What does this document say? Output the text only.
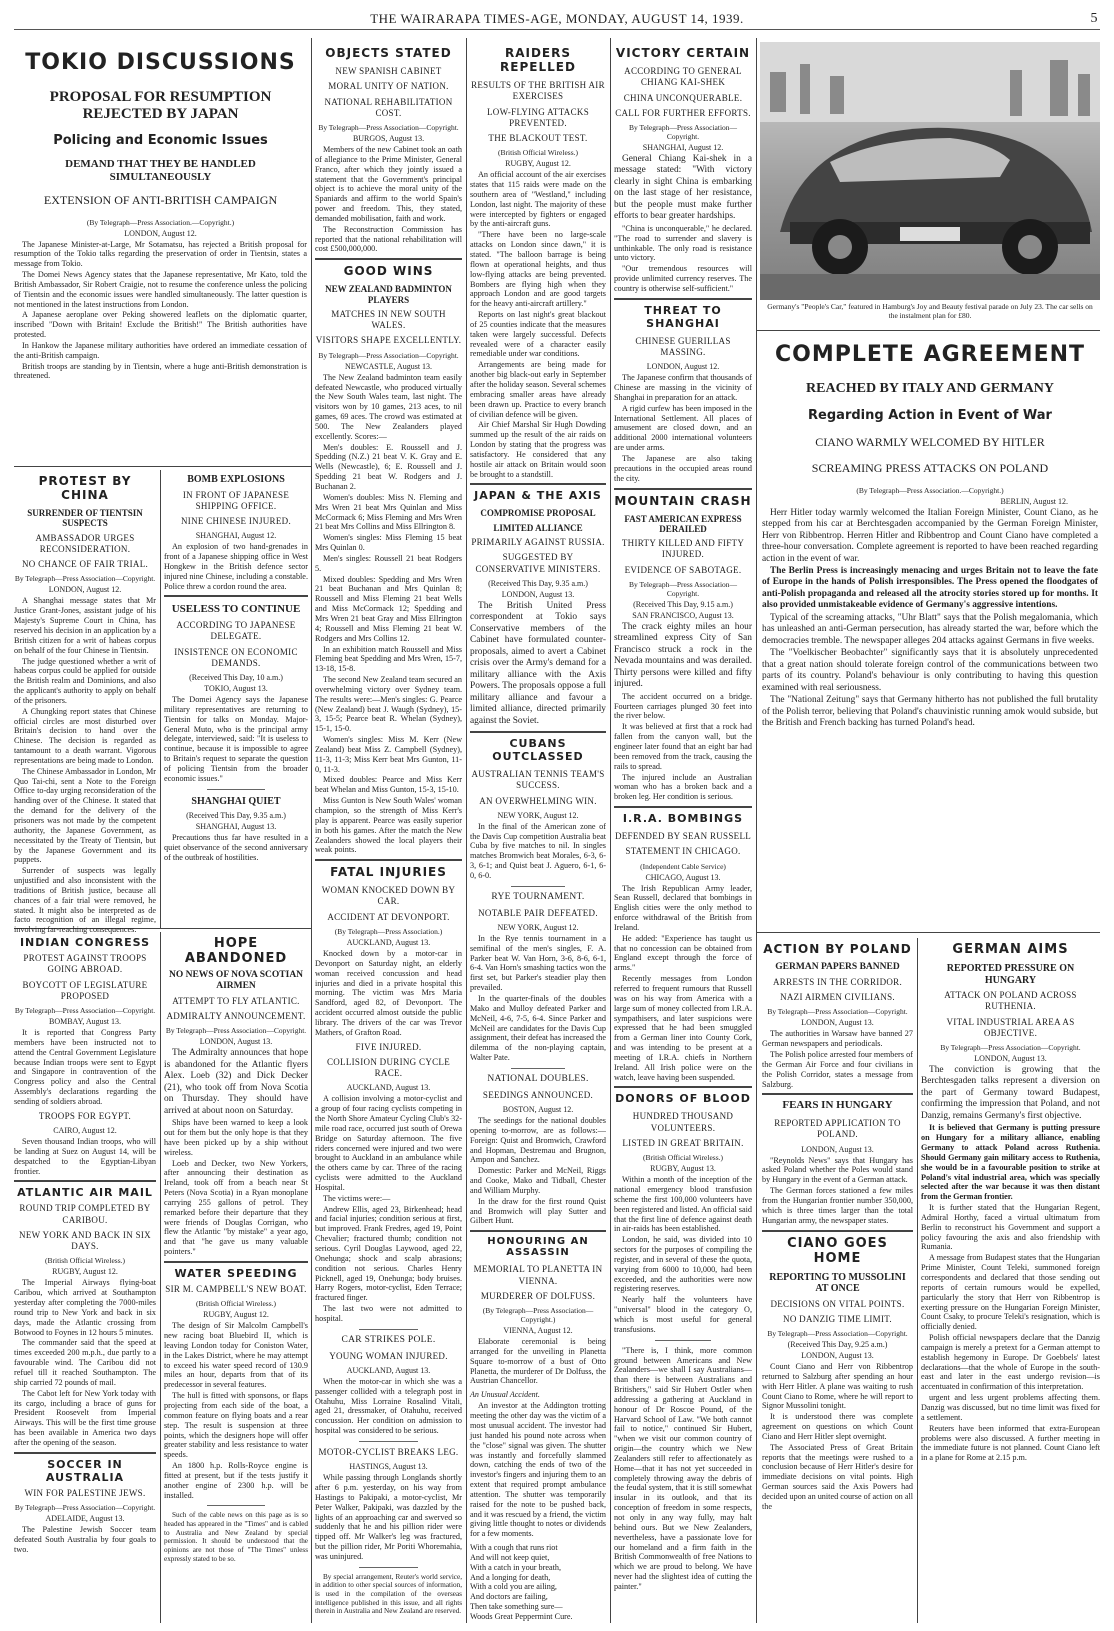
THE WAIRARAPA TIMES-AGE, MONDAY, AUGUST 14, 1939.	5
TOKIO DISCUSSIONS
PROPOSAL FOR RESUMPTION REJECTED BY JAPAN
Policing and Economic Issues
DEMAND THAT THEY BE HANDLED SIMULTANEOUSLY
EXTENSION OF ANTI-BRITISH CAMPAIGN
(By Telegraph—Press Association.—Copyright.)
LONDON, August 12.

The Japanese Minister-at-Large, Mr Sotamatsu, has rejected a British proposal for resumption of the Tokio talks regarding the preservation of order in Tientsin, states a message from Tokio.

The Domei News Agency states that the Japanese representative, Mr Kato, told the British Ambassador, Sir Robert Craigie, not to resume the conference unless the policing of Tientsin and the economic issues were handled simultaneously. The latter question is not mentioned in the latest instructions from London.

A Japanese aeroplane over Peking showered leaflets on the diplomatic quarter, inscribed "Down with Britain! Exclude the British!" The British authorities have protested.

In Hankow the Japanese military authorities have ordered an immediate cessation of the anti-British campaign.

British troops are standing by in Tientsin, where a huge anti-British demonstration is threatened.

PROTEST BY CHINA
SURRENDER OF TIENTSIN SUSPECTS
AMBASSADOR URGES RECONSIDERATION.
NO CHANCE OF FAIR TRIAL.
By Telegraph—Press Association—Copyright.
LONDON, August 12.

A Shanghai message states that Mr Justice Grant-Jones, assistant judge of his Majesty's Supreme Court in China, has reserved his decision in an application by a British citizen for a writ of habeas corpus on behalf of the four Chinese in Tientsin.

The judge questioned whether a writ of habeas corpus could be applied for outside the British realm and Dominions, and also the applicant's authority to apply on behalf of the prisoners.

A Chungking report states that Chinese official circles are most disturbed over Britain's decision to hand over the Chinese. The decision is regarded as tantamount to a death warrant. Vigorous representations are being made to London.

The Chinese Ambassador in London, Mr Quo Tai-chi, sent a Note to the Foreign Office to-day urging reconsideration of the handing over of the Chinese. It stated that the demand for the delivery of the prisoners was not made by the competent authority, the Japanese Government, as necessitated by the Treaty of Tientsin, but by the Japanese Government and its puppets.

Surrender of suspects was legally unjustified and also inconsistent with the traditions of British justice, because all chances of a fair trial were removed, he stated. It might also be interpreted as de facto recognition of an illegal regime, involving far-reaching consequences.

BOMB EXPLOSIONS
IN FRONT OF JAPANESE SHIPPING OFFICE.
NINE CHINESE INJURED.
SHANGHAI, August 12.

An explosion of two hand-grenades in front of a Japanese shipping office in West Hongkew in the British defence sector injured nine Chinese, including a constable. Police threw a cordon round the area.

USELESS TO CONTINUE
ACCORDING TO JAPANESE DELEGATE.
INSISTENCE ON ECONOMIC DEMANDS.
(Received This Day, 10 a.m.)
TOKIO, August 13.

The Domei Agency says the Japanese military representatives are returning to Tientsin for talks on Monday. Major-General Muto, who is the principal army delegate, interviewed, said: "It is useless to continue, because it is impossible to agree to Britain's request to separate the question of policing Tientsin from the broader economic issues."

SHANGHAI QUIET
(Received This Day, 9.35 a.m.)
SHANGHAI, August 13.

Precautions thus far have resulted in a quiet observance of the second anniversary of the outbreak of hostilities.

INDIAN CONGRESS
PROTEST AGAINST TROOPS GOING ABROAD.
BOYCOTT OF LEGISLATURE PROPOSED
By Telegraph—Press Association—Copyright.
BOMBAY, August 13.

It is reported that Congress Party members have been instructed not to attend the Central Government Legislature because Indian troops were sent to Egypt and Singapore in contravention of the Congress policy and also the Central Assembly's declarations regarding the sending of soldiers abroad.

TROOPS FOR EGYPT.
CAIRO, August 12.

Seven thousand Indian troops, who will be landing at Suez on August 14, will be despatched to the Egyptian-Libyan frontier.

ATLANTIC AIR MAIL
ROUND TRIP COMPLETED BY CARIBOU.
NEW YORK AND BACK IN SIX DAYS.
(British Official Wireless.)
RUGBY, August 12.

The Imperial Airways flying-boat Caribou, which arrived at Southampton yesterday after completing the 7000-miles round trip to New York and back in six days, made the Atlantic crossing from Botwood to Foynes in 12 hours 5 minutes.

The commander said that the speed at times exceeded 200 m.p.h., due partly to a favourable wind. The Caribou did not refuel till it reached Southampton. The ship carried 72 pounds of mail.

The Cabot left for New York today with its cargo, including a brace of guns for President Roosevelt from Imperial Airways. This will be the first time grouse has been available in America two days after the opening of the season.

SOCCER IN AUSTRALIA
WIN FOR PALESTINE JEWS.
By Telegraph—Press Association—Copyright.
ADELAIDE, August 13.

The Palestine Jewish Soccer team defeated South Australia by four goals to two.

HOPE ABANDONED
NO NEWS OF NOVA SCOTIAN AIRMEN
ATTEMPT TO FLY ATLANTIC.
ADMIRALTY ANNOUNCEMENT.
By Telegraph—Press Association—Copyright.
LONDON, August 13.

The Admiralty announces that hope is abandoned for the Atlantic flyers Alex. Loeb (32) and Dick Decker (21), who took off from Nova Scotia on Thursday. They should have arrived at about noon on Saturday.

Ships have been warned to keep a look out for them but the only hope is that they have been picked up by a ship without wireless.

Loeb and Decker, two New Yorkers, after announcing their destination as Ireland, took off from a beach near St Peters (Nova Scotia) in a Ryan monoplane carrying 255 gallons of petrol. They remarked before their departure that they were friends of Douglas Corrigan, who flew the Atlantic "by mistake" a year ago, and that "he gave us many valuable pointers."

WATER SPEEDING
SIR M. CAMPBELL'S NEW BOAT.
(British Official Wireless.)
RUGBY, August 12.

The design of Sir Malcolm Campbell's new racing boat Bluebird II, which is leaving London today for Coniston Water, in the Lakes District, where he may attempt to exceed his water speed record of 130.9 miles an hour, departs from that of its predecessor in several features.

The hull is fitted with sponsons, or flaps projecting from each side of the boat, a common feature on flying boats and a rear step. The result is suspension at three points, which the designers hope will offer greater stability and less resistance to water speeds.

An 1800 h.p. Rolls-Royce engine is fitted at present, but if the tests justify it another engine of 2300 h.p. will be installed.

Such of the cable news on this page as is so headed has appeared in the "Times" and is cabled to Australia and New Zealand by special permission. It should be understood that the opinions are not those of "The Times" unless expressly stated to be so.

OBJECTS STATED
NEW SPANISH CABINET
MORAL UNITY OF NATION.
NATIONAL REHABILITATION COST.
By Telegraph—Press Association—Copyright.
BURGOS, August 13.

Members of the new Cabinet took an oath of allegiance to the Prime Minister, General Franco, after which they jointly issued a statement that the Government's principal object is to achieve the moral unity of the Spaniards and affirm to the world Spain's power and freedom. This, they stated, demanded mobilisation, faith and work.

The Reconstruction Commission has reported that the national rehabilitation will cost £500,000,000.

GOOD WINS
NEW ZEALAND BADMINTON PLAYERS
MATCHES IN NEW SOUTH WALES.
VISITORS SHAPE EXCELLENTLY.
By Telegraph—Press Association—Copyright.
NEWCASTLE, August 13.

The New Zealand badminton team easily defeated Newcastle, who produced virtually the New South Wales team, last night. The visitors won by 10 games, 213 aces, to nil games, 69 aces. The crowd was estimated at 500. The New Zealanders played excellently. Scores:—

Men's doubles: E. Roussell and J. Spedding (N.Z.) 21 beat V. K. Gray and E. Wells (Newcastle), 6; E. Roussell and J. Spedding 21 beat W. Rodgers and J. Buchanan 2.

Women's doubles: Miss N. Fleming and Mrs Wren 21 beat Mrs Quinlan and Miss McCormack 6; Miss Fleming and Mrs Wren 21 beat Mrs Collins and Miss Ellrington 8.

Women's singles: Miss Fleming 15 beat Mrs Quinlan 0.

Men's singles: Roussell 21 beat Rodgers 5.

Mixed doubles: Spedding and Mrs Wren 21 beat Buchanan and Mrs Quinlan 8; Roussell and Miss Fleming 21 beat Wells and Miss McCormack 12; Spedding and Mrs Wren 21 beat Gray and Miss Ellrington 4; Roussell and Miss Fleming 21 beat W. Rodgers and Mrs Collins 12.

In an exhibition match Roussell and Miss Fleming beat Spedding and Mrs Wren, 15-7, 13-18, 15-8.

The second New Zealand team secured an overwhelming victory over Sydney team. The results were:—Men's singles: G. Pearce (New Zealand) beat J. Waugh (Sydney), 15-3, 15-5; Pearce beat R. Whelan (Sydney), 15-1, 15-0.

Women's singles: Miss M. Kerr (New Zealand) beat Miss Z. Campbell (Sydney), 11-3, 11-3; Miss Kerr beat Mrs Gunton, 11-0, 11-3.

Mixed doubles: Pearce and Miss Kerr beat Whelan and Miss Gunton, 15-3, 15-10.

Miss Gunton is New South Wales' woman champion, so the strength of Miss Kerr's play is apparent. Pearce was easily superior in both his games. After the match the New Zealanders showed the local players their weak points.

FATAL INJURIES
WOMAN KNOCKED DOWN BY CAR.
ACCIDENT AT DEVONPORT.
(By Telegraph—Press Association.)
AUCKLAND, August 13.

Knocked down by a motor-car in Devonport on Saturday night, an elderly woman received concussion and head injuries and died in a private hospital this morning. The victim was Mrs Maria Sandford, aged 82, of Devonport. The accident occurred almost outside the public library. The drivers of the car was Trevor Mathers, of Grafton Road.

FIVE INJURED.
COLLISION DURING CYCLE RACE.
AUCKLAND, August 13.

A collision involving a motor-cyclist and a group of four racing cyclists competing in the North Shore Amateur Cycling Club's 32-mile road race, occurred just south of Orewa Bridge on Saturday afternoon. The five riders concerned were injured and two were brought to Auckland in an ambulance while the others came by car. Three of the racing cyclists were admitted to the Auckland Hospital.

The victims were:—

Andrew Ellis, aged 23, Birkenhead; head and facial injuries; condition serious at first, but improved. Frank Fredres, aged 19, Point Chevalier; fractured thumb; condition not serious. Cyril Douglas Laywood, aged 22, Onehunga; shock and scalp abrasions; condition not serious. Charles Henry Picknell, aged 19, Onehunga; body bruises. Harry Rogers, motor-cyclist, Eden Terrace; fractured finger.

The last two were not admitted to hospital.

CAR STRIKES POLE.
YOUNG WOMAN INJURED.
AUCKLAND, August 13.

When the motor-car in which she was a passenger collided with a telegraph post in Otahuhu, Miss Lorraine Rosalind Vitali, aged 21, dressmaker, of Otahuhu, received concussion. Her condition on admission to hospital was considered to be serious.

MOTOR-CYCLIST BREAKS LEG.
HASTINGS, August 13.

While passing through Longlands shortly after 6 p.m. yesterday, on his way from Hastings to Pakipaki, a motor-cyclist, Mr Peter Walker, Pakipaki, was dazzled by the lights of an approaching car and swerved so suddenly that he and his pillion rider were tipped off. Mr Walker's leg was fractured, but the pillion rider, Mr Poriti Whoremahia, was uninjured.

By special arrangement, Reuter's world service, in addition to other special sources of information, is used in the compilation of the overseas intelligence published in this issue, and all rights therein in Australia and New Zealand are reserved.

RAIDERS REPELLED
RESULTS OF THE BRITISH AIR EXERCISES
LOW-FLYING ATTACKS PREVENTED.
THE BLACKOUT TEST.
(British Official Wireless.)
RUGBY, August 12.

An official account of the air exercises states that 115 raids were made on the southern area of "Westland," including London, last night. The majority of these were intercepted by fighters or engaged by the anti-aircraft guns.

"There have been no large-scale attacks on London since dawn," it is stated. "The balloon barrage is being flown at operational heights, and thus low-flying attacks are being prevented. Bombers are flying high when they approach London and are good targets for the heavy anti-aircraft artillery."

Reports on last night's great blackout of 25 counties indicate that the measures taken were largely successful. Defects revealed were of a character easily remediable under war conditions.

Arrangements are being made for another big black-out early in September after the holiday season. Several schemes embracing smaller areas have already been drawn up. Practice to every branch of civilian defence will be given.

Air Chief Marshal Sir Hugh Dowding summed up the result of the air raids on London by stating that the progress was satisfactory. He considered that any hostile air attack on Britain would soon be brought to a standstill.

JAPAN & THE AXIS
COMPROMISE PROPOSAL
LIMITED ALLIANCE
PRIMARILY AGAINST RUSSIA.
SUGGESTED BY CONSERVATIVE MINISTERS.
(Received This Day, 9.35 a.m.)
LONDON, August 13.

The British United Press correspondent at Tokio says Conservative members of the Cabinet have formulated counter-proposals, aimed to avert a Cabinet crisis over the Army's demand for a military alliance with the Axis Powers. The proposals oppose a full military alliance and favour a limited alliance, directed primarily against the Soviet.

CUBANS OUTCLASSED
AUSTRALIAN TENNIS TEAM'S SUCCESS.
AN OVERWHELMING WIN.
NEW YORK, August 12.

In the final of the American zone of the Davis Cup competition Australia beat Cuba by five matches to nil. In singles matches Bromwich beat Morales, 6-3, 6-3, 6-1; and Quist beat J. Aguero, 6-1, 6-0, 6-0.

RYE TOURNAMENT.
NOTABLE PAIR DEFEATED.
NEW YORK, August 12.

In the Rye tennis tournament in a semifinal of the men's singles, F. A. Parker beat W. Van Horn, 3-6, 8-6, 6-1, 6-4. Van Horn's smashing tactics won the first set, but Parker's steadier play then prevailed.

In the quarter-finals of the doubles Mako and Mulloy defeated Parker and McNeil, 4-6, 7-5, 6-4. Since Parker and McNeil are candidates for the Davis Cup assignment, their defeat has increased the dilemma of the non-playing captain, Walter Pate.

NATIONAL DOUBLES.
SEEDINGS ANNOUNCED.
BOSTON, August 12.

The seedings for the national doubles opening to-morrow, are as follows:—Foreign: Quist and Bromwich, Crawford and Hopman, Destremau and Brugnon, Ampon and Sanchez.

Domestic: Parker and McNeil, Riggs and Cooke, Mako and Tidball, Chester and William Murphy.

In the draw for the first round Quist and Bromwich will play Sutter and Gilbert Hunt.

HONOURING AN ASSASSIN
MEMORIAL TO PLANETTA IN VIENNA.
MURDERER OF DOLFUSS.
(By Telegraph—Press Association—Copyright.)
VIENNA, August 12.

Elaborate ceremonial is being arranged for the unveiling in Planetta Square to-morrow of a bust of Otto Planetta, the murderer of Dr Dolfuss, the Austrian Chancellor.

An Unusual Accident.

An investor at the Addington trotting meeting the other day was the victim of a most unusual accident. The investor had just handed his pound note across when the "close" signal was given. The shutter was instantly and forcefully slammed down, catching the ends of two of the investor's fingers and injuring them to an extent that required prompt ambulance attention. The shutter was temporarily raised for the note to be pushed back, and it was rescued by a friend, the victim giving little thought to notes or dividends for a few moments.

With a cough that runs riot
And will not keep quiet,
With a catch in your breath,
And a longing for death,
With a cold you are ailing,
And doctors are failing,
Then take something sure—
Woods Great Peppermint Cure.

VICTORY CERTAIN
ACCORDING TO GENERAL CHIANG KAI-SHEK
CHINA UNCONQUERABLE.
CALL FOR FURTHER EFFORTS.
By Telegraph—Press Association—Copyright.
SHANGHAI, August 12.

General Chiang Kai-shek in a message stated: "With victory clearly in sight China is embarking on the last stage of her resistance, but the people must make further efforts to bear greater hardships.

"China is unconquerable," he declared. "The road to surrender and slavery is unthinkable. The only road is resistance unto victory.

"Our tremendous resources will provide unlimited currency reserves. The country is otherwise self-sufficient."

THREAT TO SHANGHAI
CHINESE GUERILLAS MASSING.
LONDON, August 12.

The Japanese confirm that thousands of Chinese are massing in the vicinity of Shanghai in preparation for an attack.

A rigid curfew has been imposed in the International Settlement. All places of amusement are closed down, and an additional 2000 international volunteers are under arms.

The Japanese are also taking precautions in the occupied areas round the city.

MOUNTAIN CRASH
FAST AMERICAN EXPRESS DERAILED
THIRTY KILLED AND FIFTY INJURED.
EVIDENCE OF SABOTAGE.
By Telegraph—Press Association—Copyright.
(Received This Day, 9.15 a.m.)
SAN FRANCISCO, August 13.

The crack eighty miles an hour streamlined express City of San Francisco struck a rock in the Nevada mountains and was derailed. Thirty persons were killed and fifty injured.

The accident occurred on a bridge. Fourteen carriages plunged 30 feet into the river below.

It was believed at first that a rock had fallen from the canyon wall, but the engineer later found that an eight bar had been removed from the track, causing the rails to spread.

The injured include an Australian woman who has a broken back and a broken leg. Her condition is serious.

I.R.A. BOMBINGS
DEFENDED BY SEAN RUSSELL
STATEMENT IN CHICAGO.
(Independent Cable Service)
CHICAGO, August 13.

The Irish Republican Army leader, Sean Russell, declared that bombings in English cities were the only method to enforce withdrawal of the British from Ireland.

He added: "Experience has taught us that no concession can be obtained from England except through the force of arms."

Recently messages from London referred to frequent rumours that Russell was on his way from America with a large sum of money collected from I.R.A. sympathisers, and later suspicions were expressed that he had been smuggled from a German liner into County Cork, and was intending to be present at a meeting of I.R.A. chiefs in Northern Ireland. All Irish police were on the watch, leave having been suspended.

DONORS OF BLOOD
HUNDRED THOUSAND VOLUNTEERS.
LISTED IN GREAT BRITAIN.
(British Official Wireless.)
RUGBY, August 13.

Within a month of the inception of the national emergency blood transfusion scheme the first 100,000 volunteers have been registered and listed. An official said that the first line of defence against death in air-raids has been established.

London, he said, was divided into 10 sectors for the purposes of compiling the register, and in several of these the quota, varying from 6000 to 10,000, had been exceeded, and the authorities were now registering reserves.

Nearly half the volunteers have "universal" blood in the category O, which is most useful for general transfusions.

"There is, I think, more common ground between Americans and New Zealanders—we shall I say Australians—than there is between Australians and Britishers," said Sir Hubert Ostler when addressing a gathering at Auckland in honour of Dr Roscoe Pound, of the Harvard School of Law. "We both cannot fail to notice," continued Sir Hubert, "when we visit our common country of origin—the country which we New Zealanders still refer to affectionately as Home—that it has not yet succeeded in completely throwing away the debris of the feudal system, that it is still somewhat insular in its outlook, and that its conception of freedom in some respects, not only in any way fully, may halt behind ours. But we New Zealanders, nevertheless, have a passionate love for our homeland and a firm faith in the British Commonwealth of free Nations to which we are proud to belong. We have never had the slightest idea of cutting the painter."

Germany's "People's Car," featured in Hamburg's Joy and Beauty festival parade on July 23. The car sells on the instalment plan for £80.
COMPLETE AGREEMENT
REACHED BY ITALY AND GERMANY
Regarding Action in Event of War
CIANO WARMLY WELCOMED BY HITLER
SCREAMING PRESS ATTACKS ON POLAND
(By Telegraph—Press Association.—Copyright.)
BERLIN, August 12.

Herr Hitler today warmly welcomed the Italian Foreign Minister, Count Ciano, as he stepped from his car at Berchtesgaden accompanied by the German Foreign Minister, Herr von Ribbentrop. Herren Hitler and Ribbentrop and Count Ciano have completed a three-hour conversation. Complete agreement is reported to have been reached regarding action in the event of war.

The Berlin Press is increasingly menacing and urges Britain not to leave the fate of Europe in the hands of Polish irresponsibles. The Press opened the floodgates of anti-Polish propaganda and released all the atrocity stories stored up for months. It also provided unmistakeable evidence of Germany's aggressive intentions.

Typical of the screaming attacks, "Uhr Blatt" says that the Polish megalomania, which has unleashed an anti-German persecution, has already started the war, before which the democracies tremble. The newspaper alleges 204 attacks against Germans in five weeks.

The "Voelkischer Beobachter" significantly says that it is absolutely unprecedented that a great nation should tolerate foreign control of the communications between two parts of its country. Poland's behaviour is only contributing to having this question examined with real seriousness.

The "National Zeitung" says that Germany hitherto has not published the full brutality of the Polish terror, believing that Poland's chauvinistic running amok would subside, but the British and French backing has turned Poland's head.

ACTION BY POLAND
GERMAN PAPERS BANNED
ARRESTS IN THE CORRIDOR.
NAZI AIRMEN CIVILIANS.
By Telegraph—Press Association—Copyright.
LONDON, August 13.

The authorities in Warsaw have banned 27 German newspapers and periodicals.

The Polish police arrested four members of the German Air Force and four civilians in the Polish Corridor, states a message from Salzburg.

FEARS IN HUNGARY
REPORTED APPLICATION TO POLAND.
LONDON, August 13.

"Reynolds News" says that Hungary has asked Poland whether the Poles would stand by Hungary in the event of a German attack.

The German forces stationed a few miles from the Hungarian frontier number 350,000, which is three times larger than the total Hungarian army, the newspaper states.

CIANO GOES HOME
REPORTING TO MUSSOLINI AT ONCE
DECISIONS ON VITAL POINTS.
NO DANZIG TIME LIMIT.
By Telegraph—Press Association—Copyright.
(Received This Day, 9.25 a.m.)
LONDON, August 13.

Count Ciano and Herr von Ribbentrop returned to Salzburg after spending an hour with Herr Hitler. A plane was waiting to rush Count Ciano to Rome, where he will report to Signor Mussolini tonight.

It is understood there was complete agreement on questions on which Count Ciano and Herr Hitler slept overnight.

The Associated Press of Great Britain reports that the meetings were rushed to a conclusion because of Herr Hitler's desire for immediate decisions on vital points. High German sources said the Axis Powers had decided upon an united course of action on all the

GERMAN AIMS
REPORTED PRESSURE ON HUNGARY
ATTACK ON POLAND ACROSS RUTHENIA.
VITAL INDUSTRIAL AREA AS OBJECTIVE.
By Telegraph—Press Association—Copyright.
LONDON, August 13.

The conviction is growing that the Berchtesgaden talks represent a diversion on the part of Germany toward Budapest, confirming the impression that Poland, and not Danzig, remains Germany's first objective.

It is believed that Germany is putting pressure on Hungary for a military alliance, enabling Germany to attack Poland across Ruthenia. Should Germany gain military access to Ruthenia, she would be in a favourable position to strike at Poland's vital industrial area, which was specially selected after the war because it was then distant from the German frontier.

It is further stated that the Hungarian Regent, Admiral Horthy, faced a virtual ultimatum from Berlin to reconstruct his Government and support a policy favouring the axis and also friendship with Rumania.

A message from Budapest states that the Hungarian Prime Minister, Count Teleki, summoned foreign correspondents and declared that those sending out reports of certain rumours would be expelled, particularly the story that Herr von Ribbentrop is exerting pressure on the Hungarian Foreign Minister, Count Csaky, to procure Teleki's resignation, which is officially denied.

Polish official newspapers declare that the Danzig campaign is merely a pretext for a German attempt to establish hegemony in Europe. Dr Goebbels' latest declarations—that the whole of Europe in the south-east and later in the east undergo revision—is accentuated in confirmation of this interpretation.

urgent and less urgent problems affecting them. Danzig was discussed, but no time limit was fixed for a settlement.

Reuters have been informed that extra-European problems were also discussed. A further meeting in the immediate future is not planned. Count Ciano left in a plane for Rome at 2.15 p.m.
